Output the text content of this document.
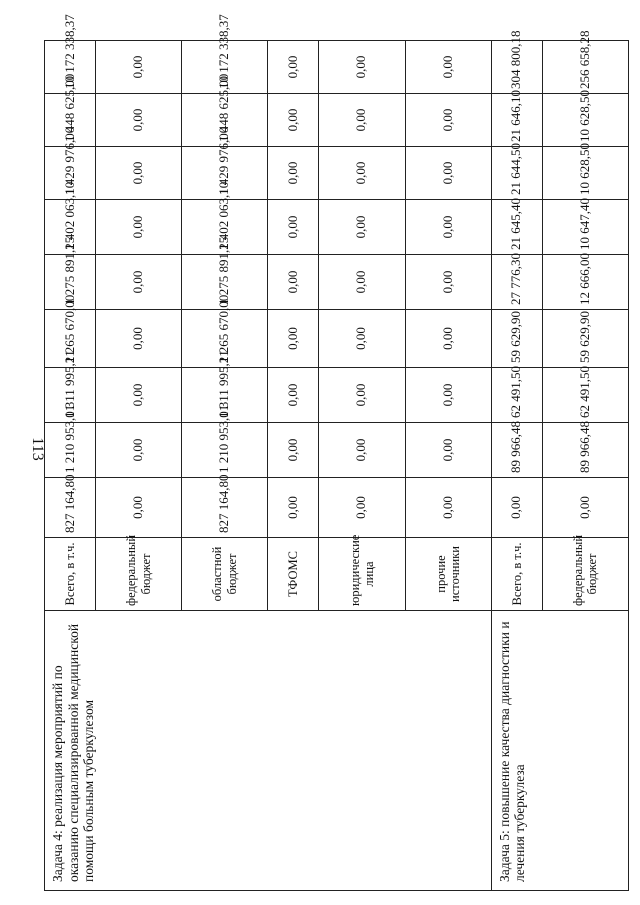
113
Задача 4: реализация мероприятий по оказанию специализированной медицинской помощи больным туберкулезом	Всего, в т.ч.	827 164,80	1 210 953,01	1 311 995,21	1 265 670,00	1 275 891,25	1 402 063,10	1 429 976,00	1 448 625,00	10 172 338,37
	федеральный бюджет	0,00	0,00	0,00	0,00	0,00	0,00	0,00	0,00	0,00
	областной бюджет	827 164,80	1 210 953,01	1 311 995,21	1 265 670,00	1 275 891,25	1 402 063,10	1 429 976,00	1 448 625,00	10 172 338,37
	ТФОМС	0,00	0,00	0,00	0,00	0,00	0,00	0,00	0,00	0,00
	юридические лица	0,00	0,00	0,00	0,00	0,00	0,00	0,00	0,00	0,00
	прочие источники	0,00	0,00	0,00	0,00	0,00	0,00	0,00	0,00	0,00
Задача 5: повышение качества диагностики и лечения туберкулеза	Всего, в т.ч.	0,00	89 966,48	62 491,50	59 629,90	27 776,30	21 645,40	21 644,50	21 646,10	304 800,18
	федеральный бюджет	0,00	89 966,48	62 491,50	59 629,90	12 666,00	10 647,40	10 628,50	10 628,50	256 658,28
